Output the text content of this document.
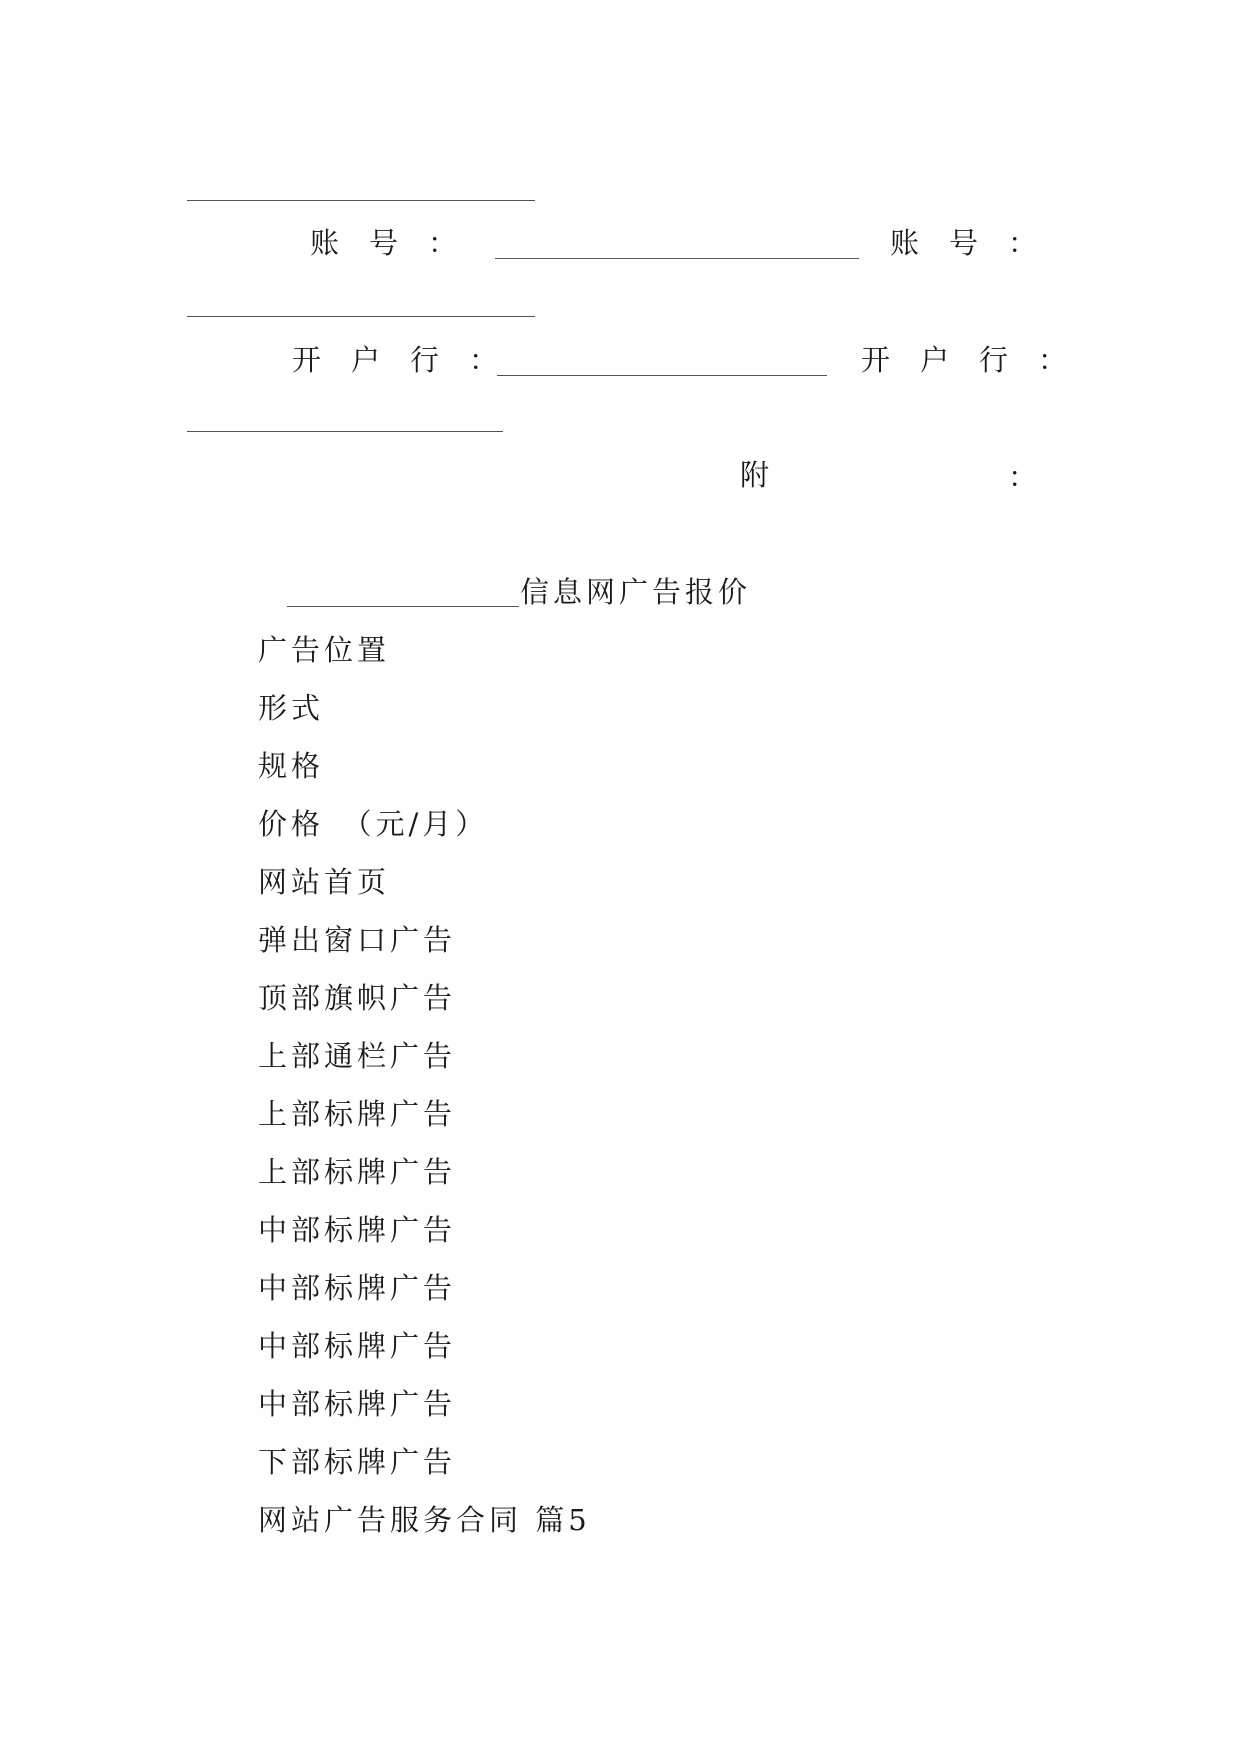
账号：	账号：
开户行：	开户行：
附	：
信息网广告报价
广告位置
形式
规格
价格　（元/月）
网站首页
弹出窗口广告
顶部旗帜广告
上部通栏广告
上部标牌广告
上部标牌广告
中部标牌广告
中部标牌广告
中部标牌广告
中部标牌广告
下部标牌广告
网站广告服务合同 篇5
